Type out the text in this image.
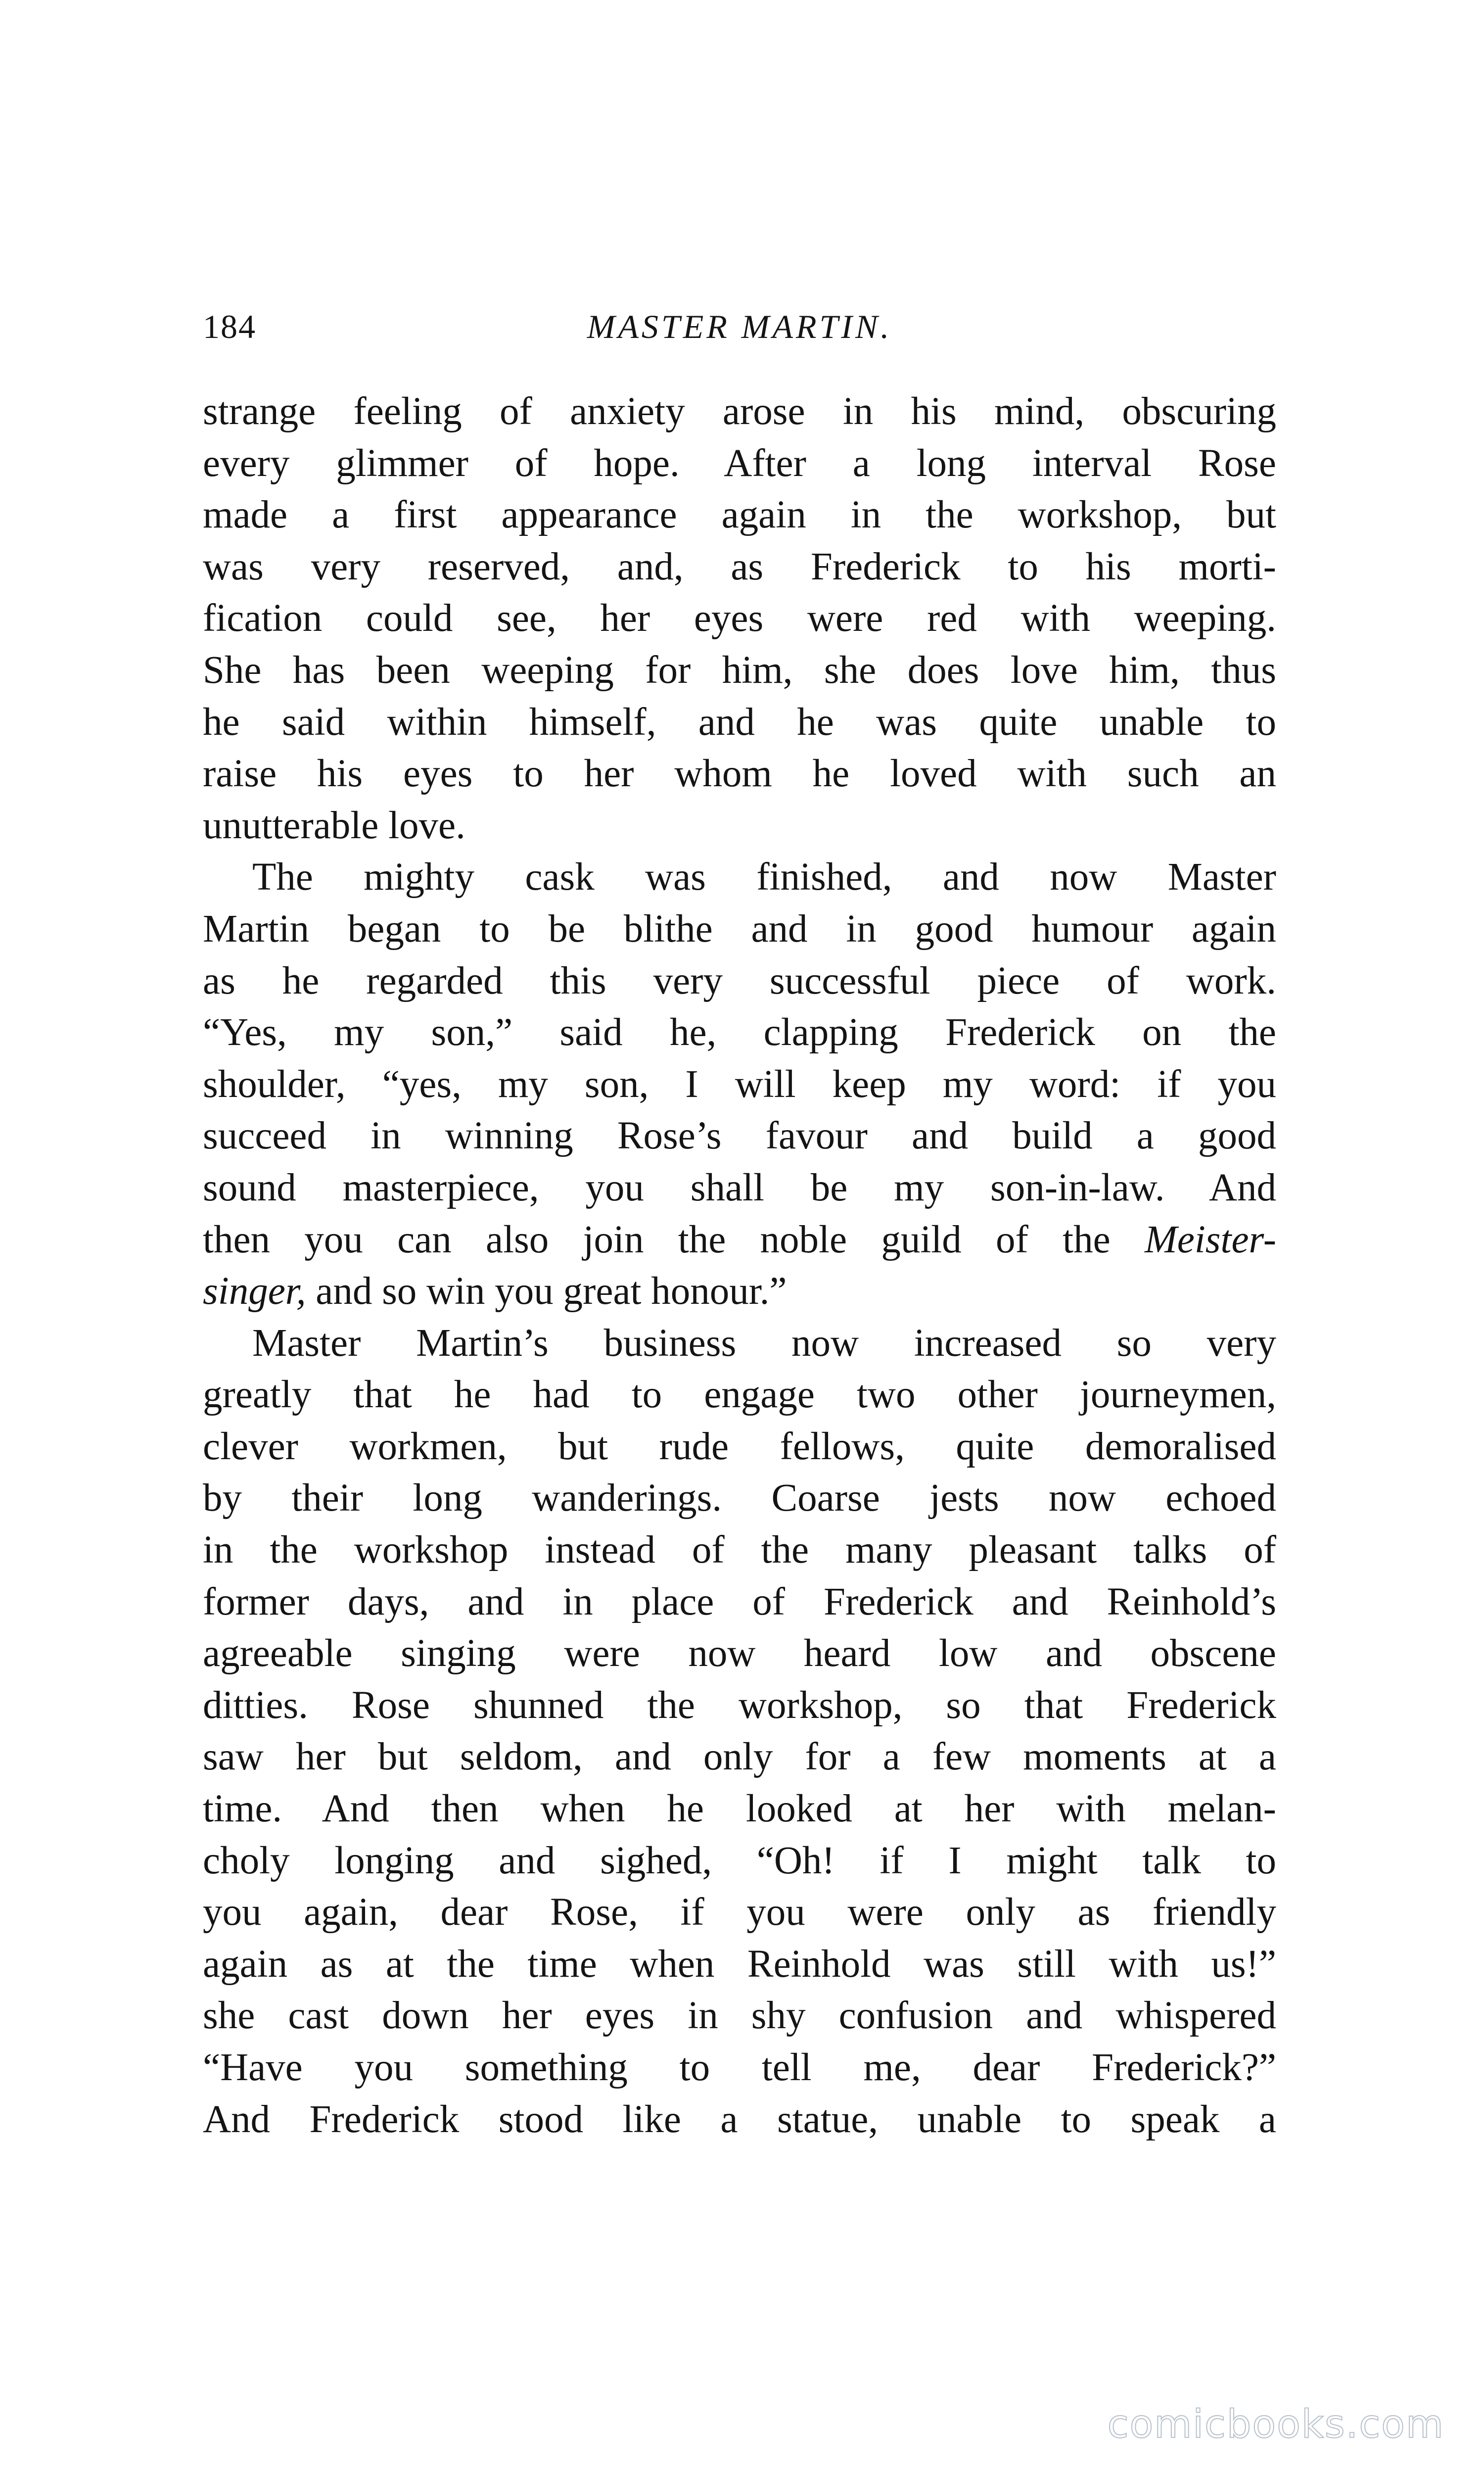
184	MASTER MARTIN.
strange feeling of anxiety arose in his mind, obscuring
every glimmer of hope. After a long interval Rose
made a first appearance again in the workshop, but
was very reserved, and, as Frederick to his morti-
fication could see, her eyes were red with weeping.
She has been weeping for him, she does love him, thus
he said within himself, and he was quite unable to
raise his eyes to her whom he loved with such an
unutterable love.
The mighty cask was finished, and now Master
Martin began to be blithe and in good humour again
as he regarded this very successful piece of work.
“Yes, my son,” said he, clapping Frederick on the
shoulder, “yes, my son, I will keep my word: if you
succeed in winning Rose’s favour and build a good
sound masterpiece, you shall be my son-in-law. And
then you can also join the noble guild of the Meister-
singer, and so win you great honour.”
Master Martin’s business now increased so very
greatly that he had to engage two other journeymen,
clever workmen, but rude fellows, quite demoralised
by their long wanderings. Coarse jests now echoed
in the workshop instead of the many pleasant talks of
former days, and in place of Frederick and Reinhold’s
agreeable singing were now heard low and obscene
ditties. Rose shunned the workshop, so that Frederick
saw her but seldom, and only for a few moments at a
time. And then when he looked at her with melan-
choly longing and sighed, “Oh! if I might talk to
you again, dear Rose, if you were only as friendly
again as at the time when Reinhold was still with us!”
she cast down her eyes in shy confusion and whispered
“Have you something to tell me, dear Frederick?”
And Frederick stood like a statue, unable to speak a
comicbooks.com
